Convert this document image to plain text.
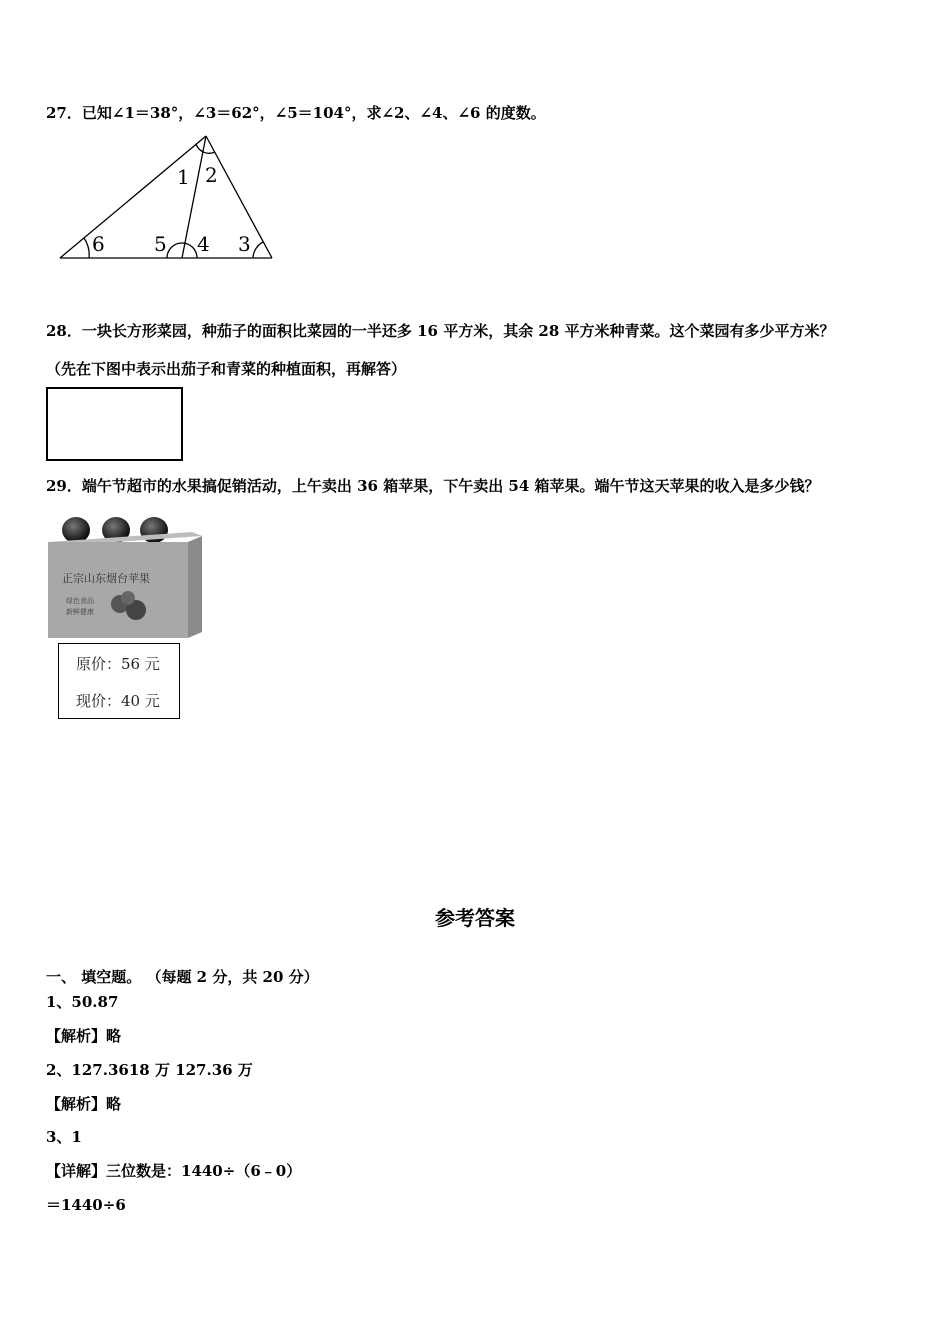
27．已知∠1＝38°，∠3＝62°，∠5＝104°，求∠2、∠4、∠6 的度数。
1 2
6 5 4 3
28．一块长方形菜园，种茄子的面积比菜园的一半还多 16 平方米，其余 28 平方米种青菜。这个菜园有多少平方米？
（先在下图中表示出茄子和青菜的种植面积，再解答）
29．端午节超市的水果搞促销活动，上午卖出 36 箱苹果，下午卖出 54 箱苹果。端午节这天苹果的收入是多少钱？
正宗山东烟台苹果
绿色食品
新鲜健康
原价：56 元
现价：40 元
参考答案
一、 填空题。 （每题 2 分，共 20 分）
1、50.87
【解析】略
2、127.3618 万 127.36 万
【解析】略
3、1
【详解】三位数是：1440÷（6﹣0）
＝1440÷6
